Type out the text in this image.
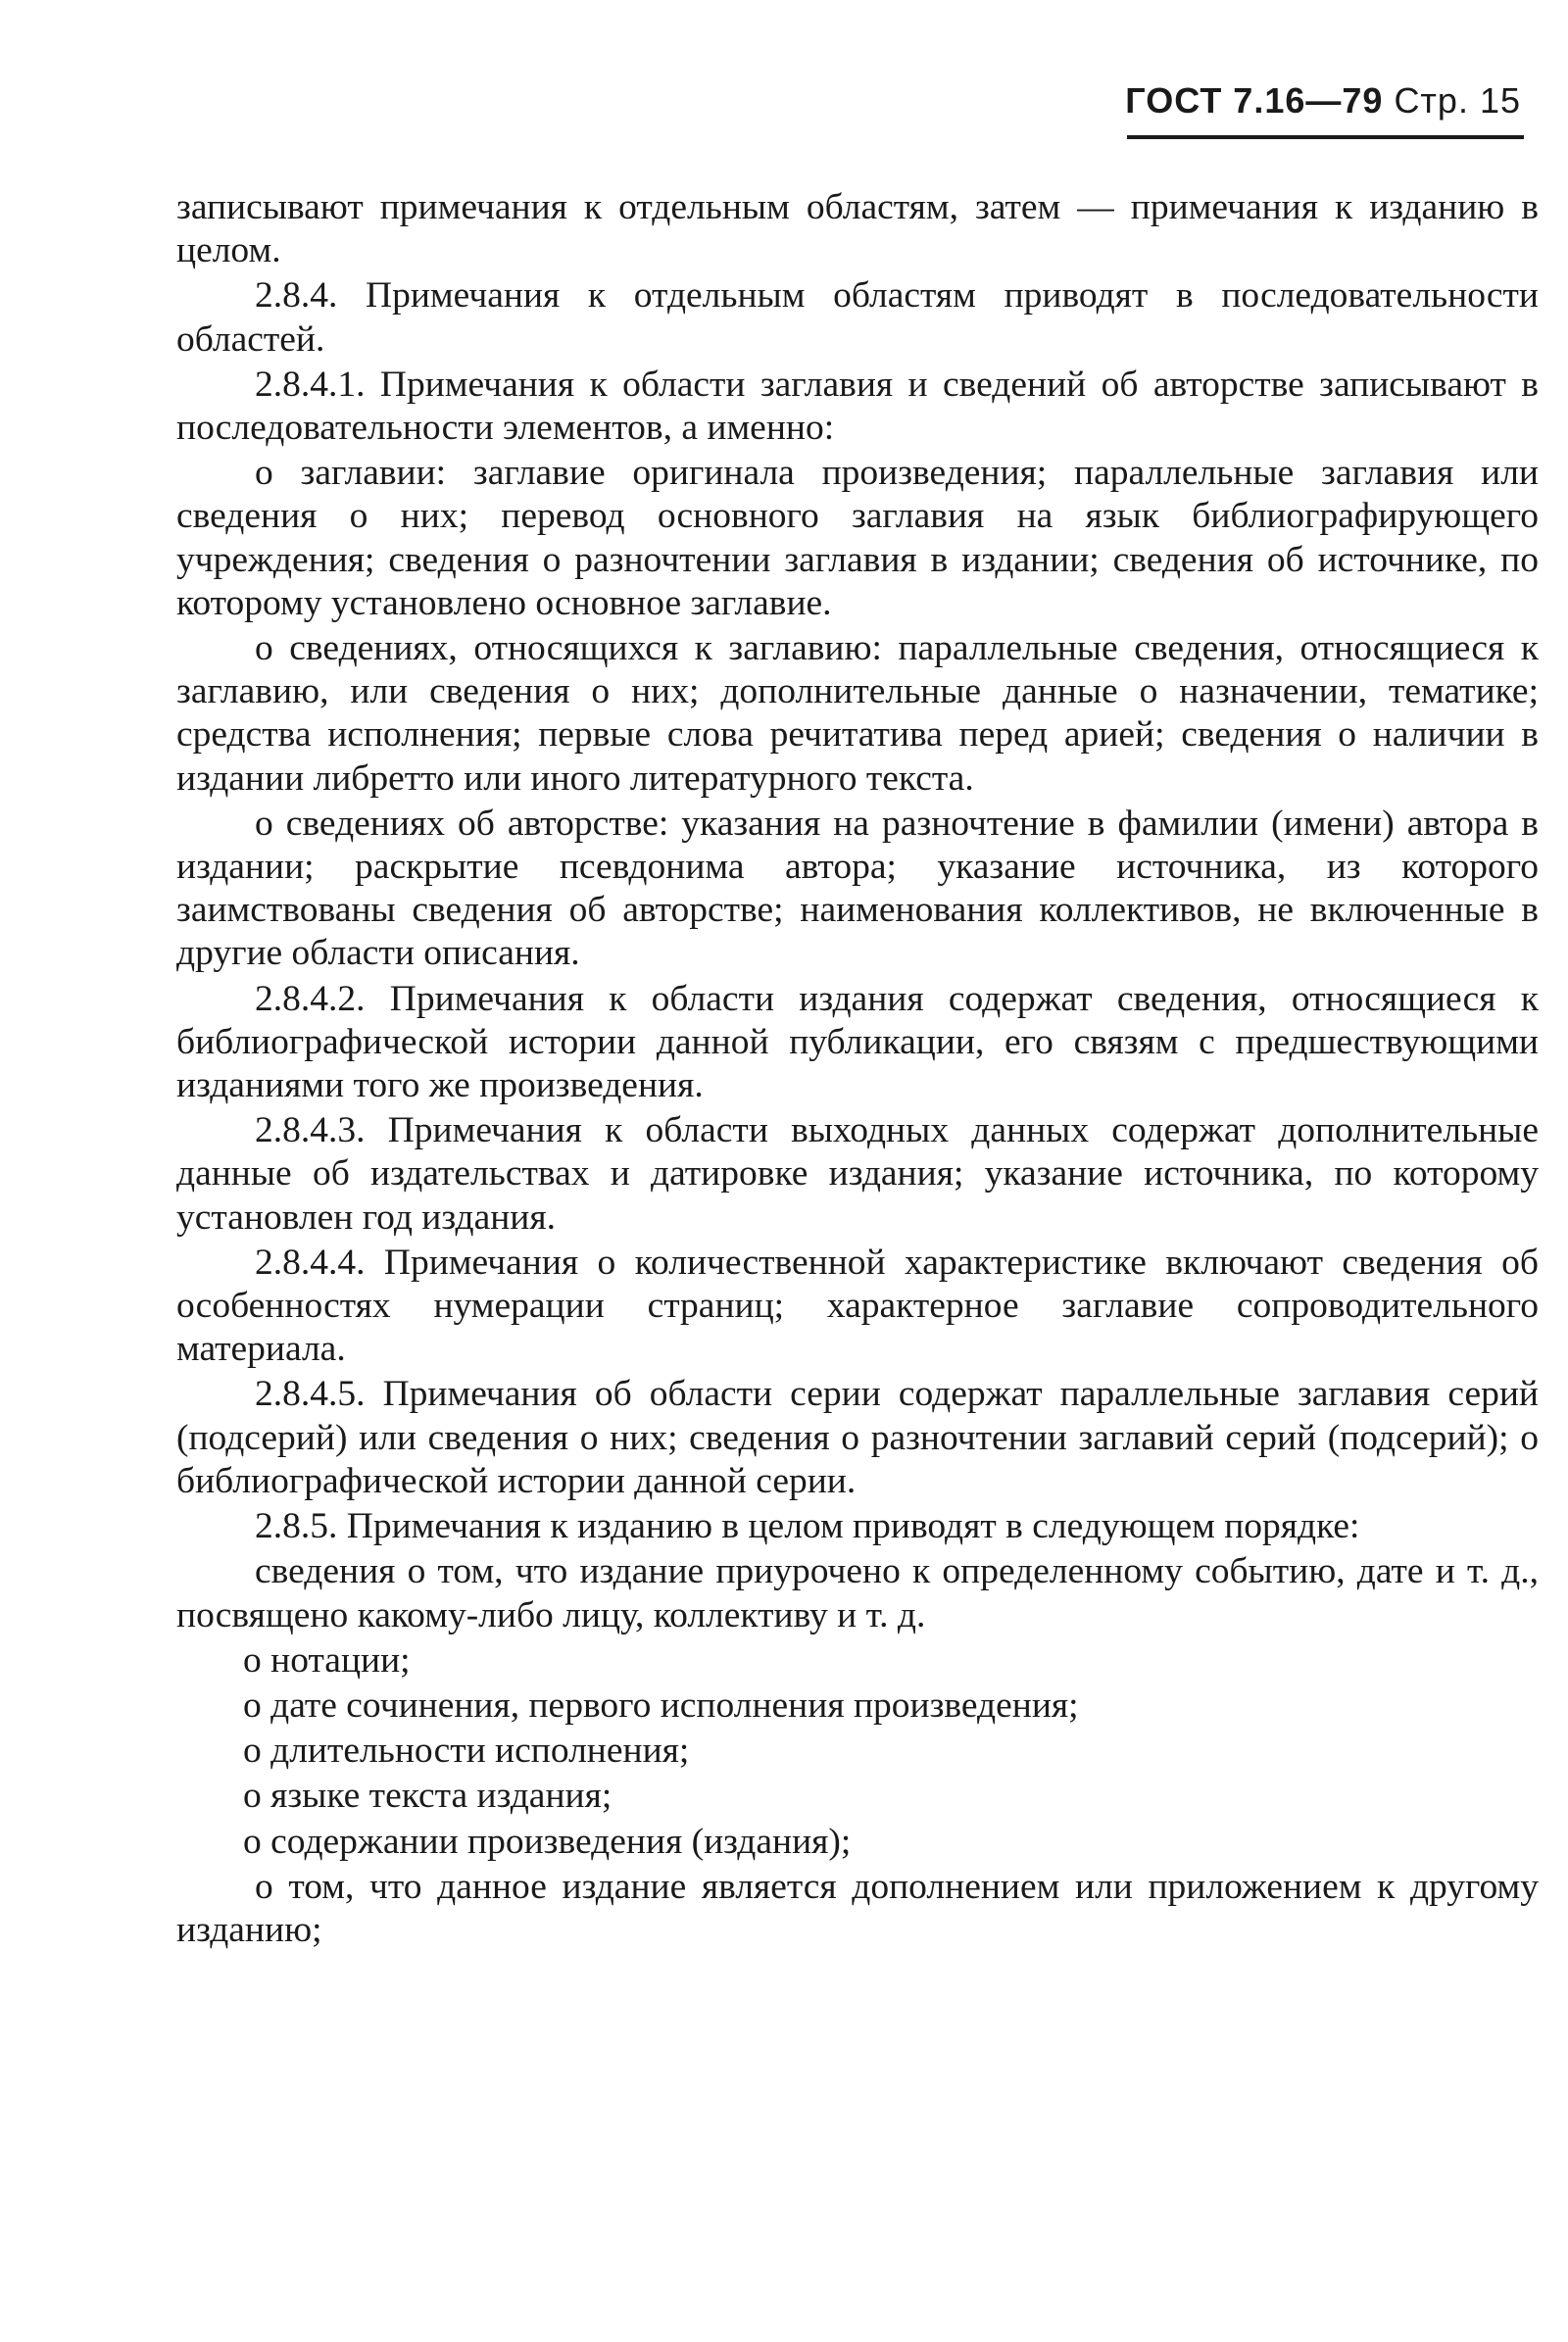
ГОСТ 7.16—79 Стр. 15

записывают примечания к отдельным областям, затем — примечания к изданию в целом.

2.8.4. Примечания к отдельным областям приводят в последовательности областей.

2.8.4.1. Примечания к области заглавия и сведений об авторстве записывают в последовательности элементов, а именно:

о заглавии: заглавие оригинала произведения; параллельные заглавия или сведения о них; перевод основного заглавия на язык библиографирующего учреждения; сведения о разночтении заглавия в издании; сведения об источнике, по которому установлено основное заглавие.

о сведениях, относящихся к заглавию: параллельные сведения, относящиеся к заглавию, или сведения о них; дополнительные данные о назначении, тематике; средства исполнения; первые слова речитатива перед арией; сведения о наличии в издании либретто или иного литературного текста.

о сведениях об авторстве: указания на разночтение в фамилии (имени) автора в издании; раскрытие псевдонима автора; указание источника, из которого заимствованы сведения об авторстве; наименования коллективов, не включенные в другие области описания.

2.8.4.2. Примечания к области издания содержат сведения, относящиеся к библиографической истории данной публикации, его связям с предшествующими изданиями того же произведения.

2.8.4.3. Примечания к области выходных данных содержат дополнительные данные об издательствах и датировке издания; указание источника, по которому установлен год издания.

2.8.4.4. Примечания о количественной характеристике включают сведения об особенностях нумерации страниц; характерное заглавие сопроводительного материала.

2.8.4.5. Примечания об области серии содержат параллельные заглавия серий (подсерий) или сведения о них; сведения о разночтении заглавий серий (подсерий); о библиографической истории данной серии.

2.8.5. Примечания к изданию в целом приводят в следующем порядке:

сведения о том, что издание приурочено к определенному событию, дате и т. д., посвящено какому-либо лицу, коллективу и т. д.

о нотации;

о дате сочинения, первого исполнения произведения;

о длительности исполнения;

о языке текста издания;

о содержании произведения (издания);

о том, что данное издание является дополнением или приложением к другому изданию;
